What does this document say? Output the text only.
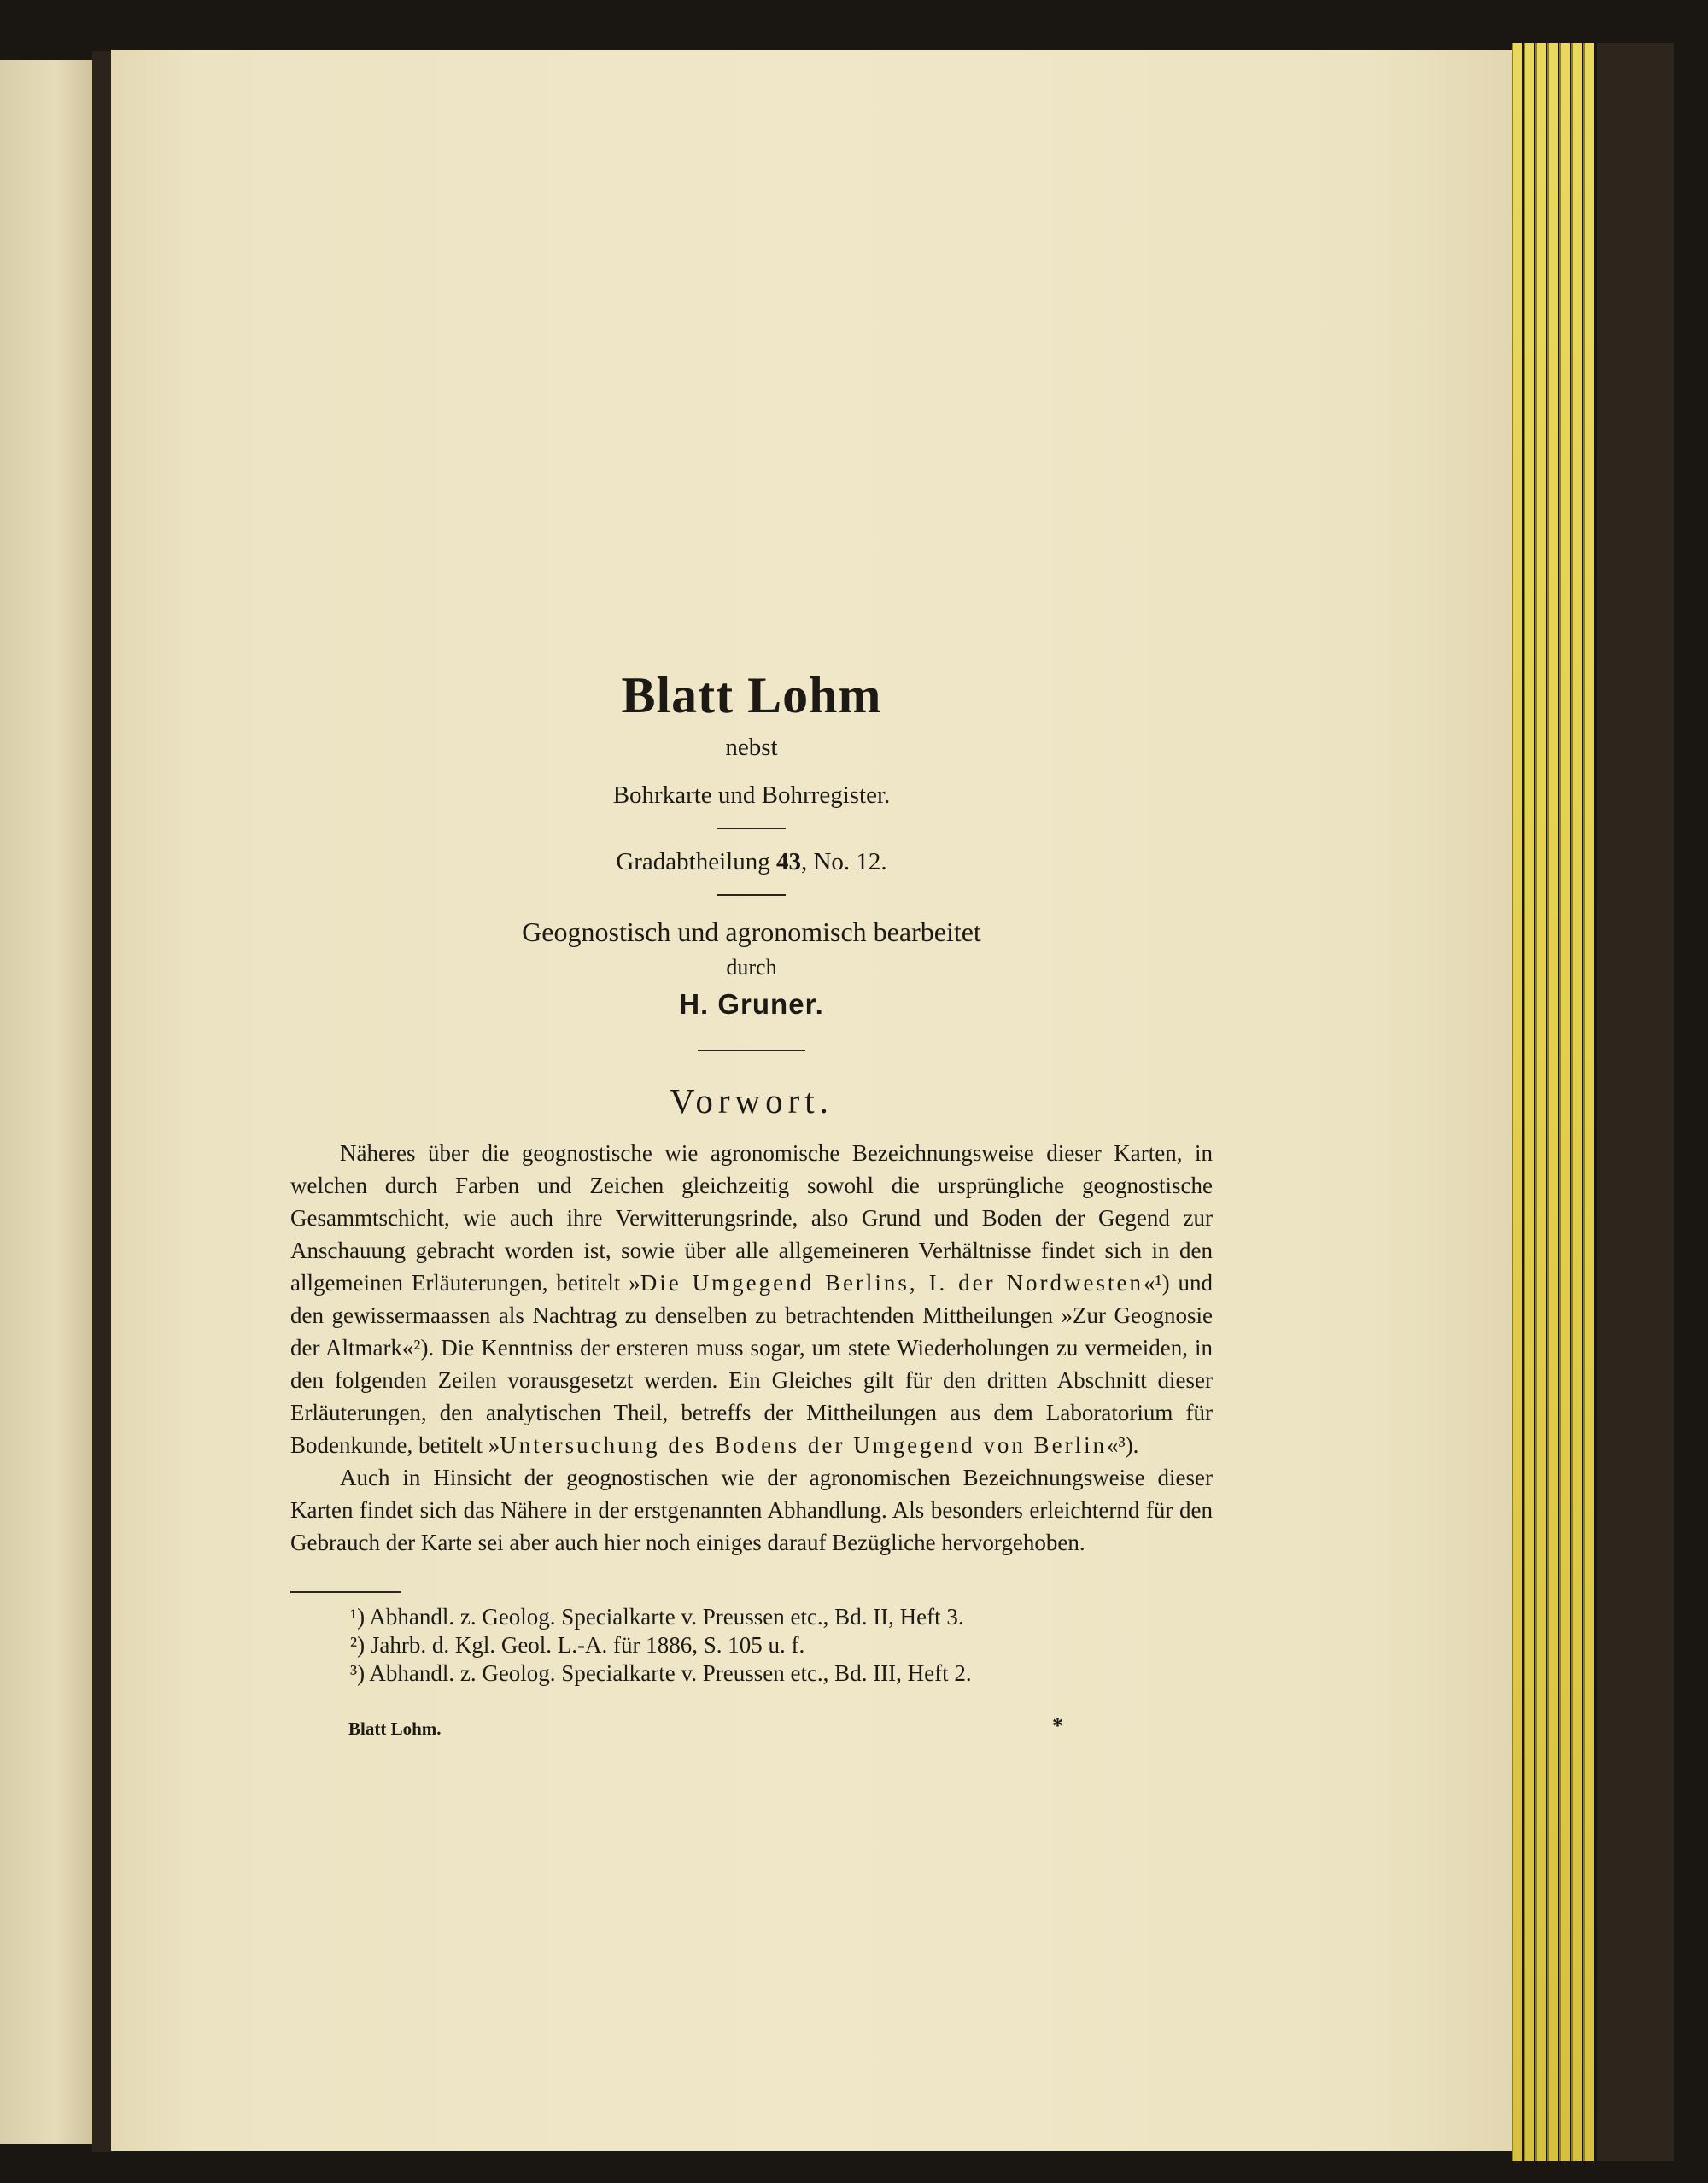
Blatt Lohm
nebst
Bohrkarte und Bohrregister.
Gradabtheilung 43, No. 12.
Geognostisch und agronomisch bearbeitet
durch
H. Gruner.
Vorwort.

Näheres über die geognostische wie agronomische Bezeichnungsweise dieser Karten, in welchen durch Farben und Zeichen gleichzeitig sowohl die ursprüngliche geognostische Gesammtschicht, wie auch ihre Verwitterungsrinde, also Grund und Boden der Gegend zur Anschauung gebracht worden ist, sowie über alle allgemeineren Verhältnisse findet sich in den allgemeinen Erläuterungen, betitelt »Die Umgegend Berlins, I. der Nordwesten«¹) und den gewissermaassen als Nachtrag zu denselben zu betrachtenden Mittheilungen »Zur Geognosie der Altmark«²). Die Kenntniss der ersteren muss sogar, um stete Wiederholungen zu vermeiden, in den folgenden Zeilen vorausgesetzt werden. Ein Gleiches gilt für den dritten Abschnitt dieser Erläuterungen, den analytischen Theil, betreffs der Mittheilungen aus dem Laboratorium für Bodenkunde, betitelt »Untersuchung des Bodens der Umgegend von Berlin«³).

Auch in Hinsicht der geognostischen wie der agronomischen Bezeichnungsweise dieser Karten findet sich das Nähere in der erstgenannten Abhandlung. Als besonders erleichternd für den Gebrauch der Karte sei aber auch hier noch einiges darauf Bezügliche hervorgehoben.

¹) Abhandl. z. Geolog. Specialkarte v. Preussen etc., Bd. II, Heft 3.
²) Jahrb. d. Kgl. Geol. L.-A. für 1886, S. 105 u. f.
³) Abhandl. z. Geolog. Specialkarte v. Preussen etc., Bd. III, Heft 2.
Blatt Lohm.	*
